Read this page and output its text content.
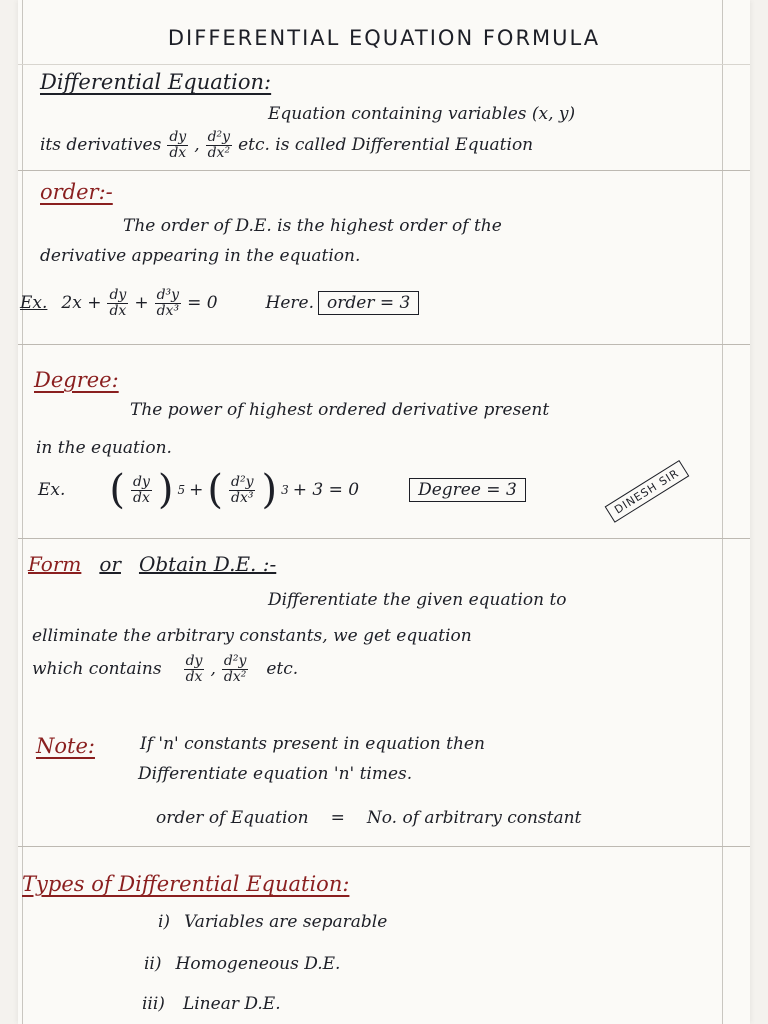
DIFFERENTIAL EQUATION FORMULA
Differential Equation:
Equation containing variables (x, y)
its derivatives $\frac{dy}{dx}$ , $\frac{\text{d²y}}{\text{dx²}}$ etc. is called Differential Equation
order:-
The order of D.E. is the highest order of the
derivative appearing in the equation.
Ex. $2x + \frac{dy}{dx} + \frac{\text{d³y}}{\text{dx³}} = 0$	Here. order = 3
Degree:
The power of highest ordered derivative present
in the equation.
Ex. ( $\frac{dy}{dx}$ ) 5 + ( $\frac{\text{d²y}}{\text{dx³}}$ ) 3 + 3 = 0	Degree = 3	DINESH SIR
Form or Obtain D.E. :-
Differentiate the given equation to
elliminate the arbitrary constants, we get equation
which contains $\frac{dy}{dx}$ , $\frac{\text{d²y}}{\text{dx²}}$ etc.
Note:	If 'n' constants present in equation then
Differentiate equation 'n' times.
order of Equation = No. of arbitrary constant
Types of Differential Equation:
i) Variables are separable
ii) Homogeneous D.E.
iii) Linear D.E.
